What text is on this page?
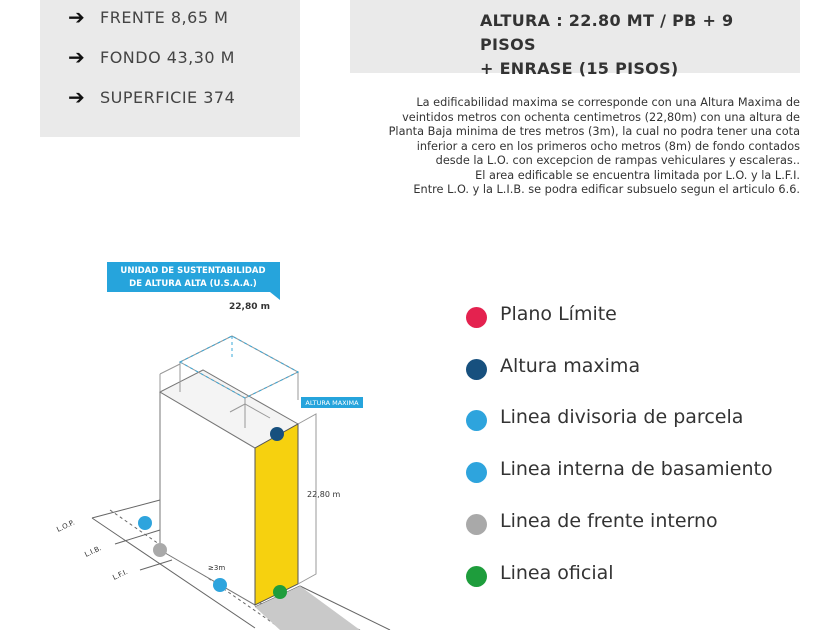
➔ FRENTE 8,65 M
➔ FONDO 43,30 M
➔ SUPERFICIE 374
ALTURA : 22.80 MT / PB + 9 PISOS
+ ENRASE (15 PISOS)

La edificabilidad maxima se corresponde con una Altura Maxima de

veintidos metros con ochenta centimetros (22,80m) con una altura de

Planta Baja minima de tres metros (3m), la cual no podra tener una cota

inferior a cero en los primeros ocho metros (8m) de fondo contados

desde la L.O. con excepcion de rampas vehiculares y escaleras..

El area edificable se encuentra limitada por L.O. y la L.F.I.

Entre L.O. y la L.I.B. se podra edificar subsuelo segun el articulo 6.6.

UNIDAD DE SUSTENTABILIDAD
DE ALTURA ALTA (U.S.A.A.)
22,80 m
ALTURA MAXIMA
22,80 m
L.O.P.
L.I.B.
L.F.I.	≥3m
Plano Límite
Altura maxima
Linea divisoria de parcela
Linea interna de basamiento
Linea de frente interno
Linea oficial
